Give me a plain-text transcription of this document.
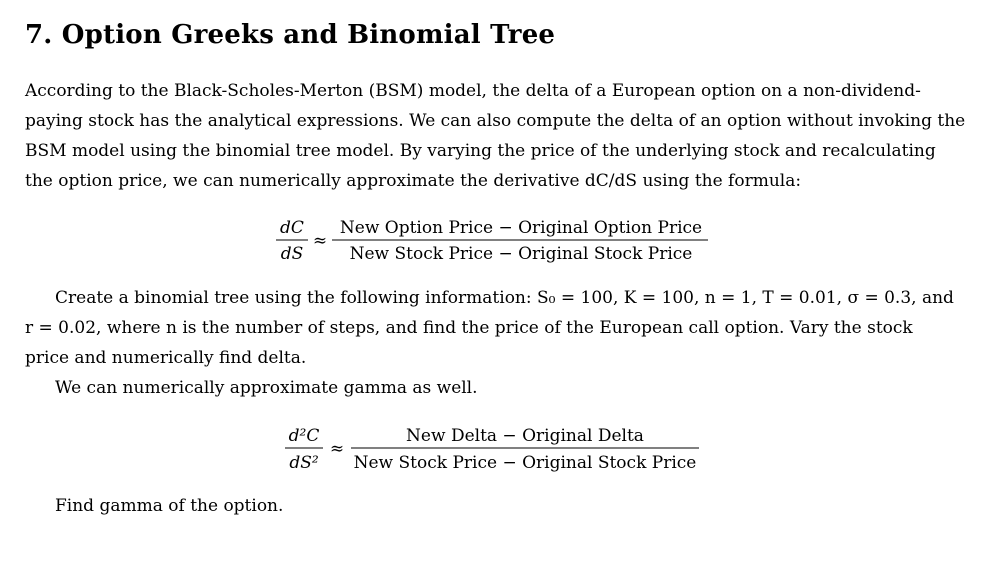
7. Option Greeks and Binomial Tree

According to the Black-Scholes-Merton (BSM) model, the delta of a European option on a non-dividend-
paying stock has the analytical expressions. We can also compute the delta of an option without invoking the
BSM model using the binomial tree model. By varying the price of the underlying stock and recalculating
the option price, we can numerically approximate the derivative dC/dS using the formula:

dC
dS
≈
New Option Price − Original Option Price
New Stock Price − Original Stock Price

Create a binomial tree using the following information: S₀ = 100, K = 100, n = 1, T = 0.01, σ = 0.3, and
r = 0.02, where n is the number of steps, and find the price of the European call option. Vary the stock
price and numerically find delta.

We can numerically approximate gamma as well.

d²C
dS²
≈
New Delta − Original Delta
New Stock Price − Original Stock Price

Find gamma of the option.
